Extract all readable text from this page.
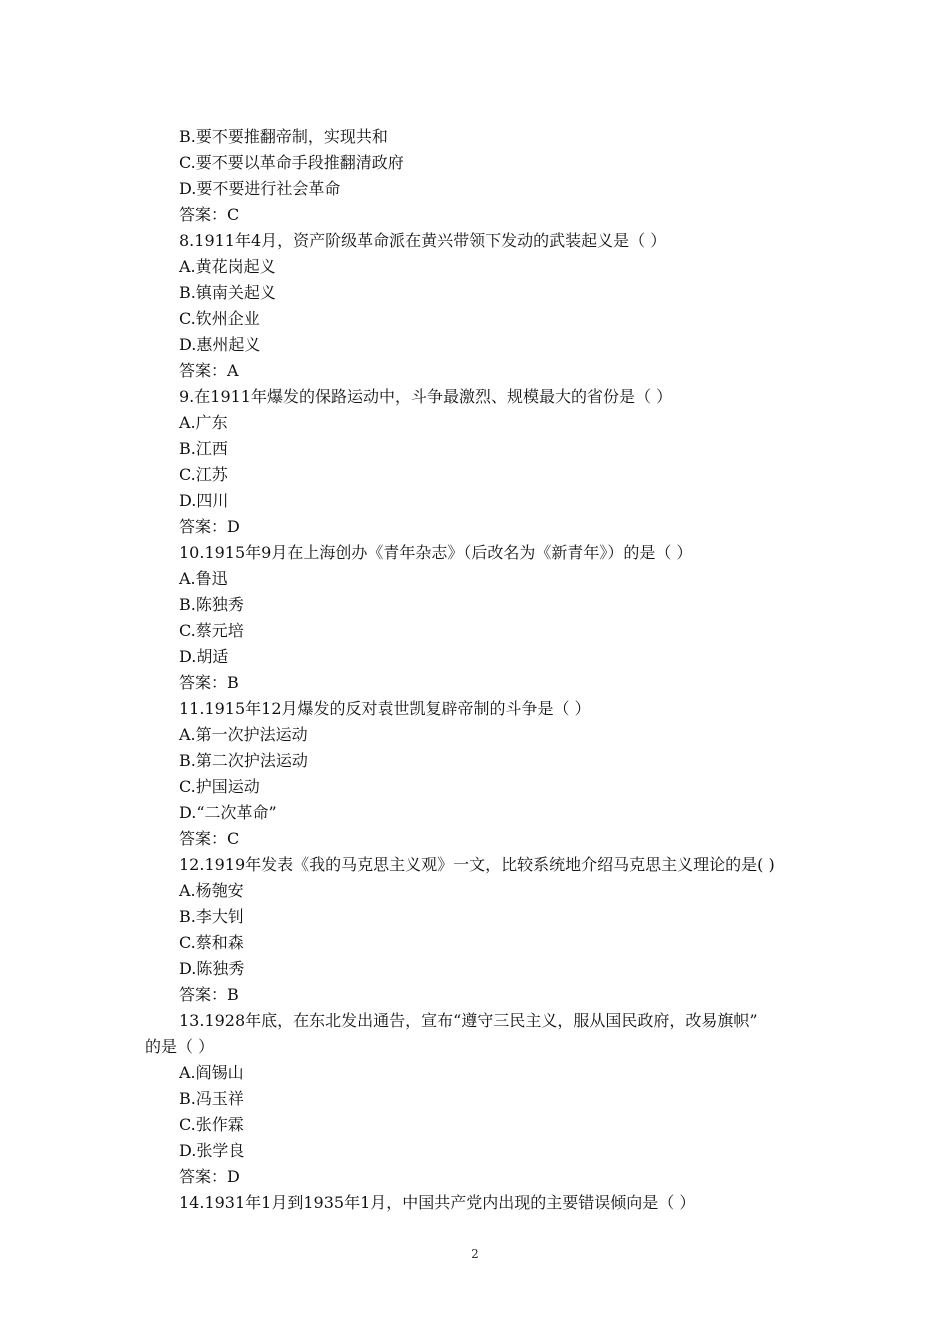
B.要不要推翻帝制，实现共和
C.要不要以革命手段推翻清政府
D.要不要进行社会革命
答案：C
8.1911年4月，资产阶级革命派在黄兴带领下发动的武装起义是（ ）
A.黄花岗起义
B.镇南关起义
C.钦州企业
D.惠州起义
答案：A
9.在1911年爆发的保路运动中，斗争最激烈、规模最大的省份是（ ）
A.广东
B.江西
C.江苏
D.四川
答案：D
10.1915年9月在上海创办《青年杂志》（后改名为《新青年》）的是（ ）
A.鲁迅
B.陈独秀
C.蔡元培
D.胡适
答案：B
11.1915年12月爆发的反对袁世凯复辟帝制的斗争是（ ）
A.第一次护法运动
B.第二次护法运动
C.护国运动
D.“二次革命”
答案：C
12.1919年发表《我的马克思主义观》一文，比较系统地介绍马克思主义理论的是( )
A.杨匏安
B.李大钊
C.蔡和森
D.陈独秀
答案：B
13.1928年底，在东北发出通告，宣布“遵守三民主义，服从国民政府，改易旗帜”
的是（ ）
A.阎锡山
B.冯玉祥
C.张作霖
D.张学良
答案：D
14.1931年1月到1935年1月，中国共产党内出现的主要错误倾向是（ ）
2
